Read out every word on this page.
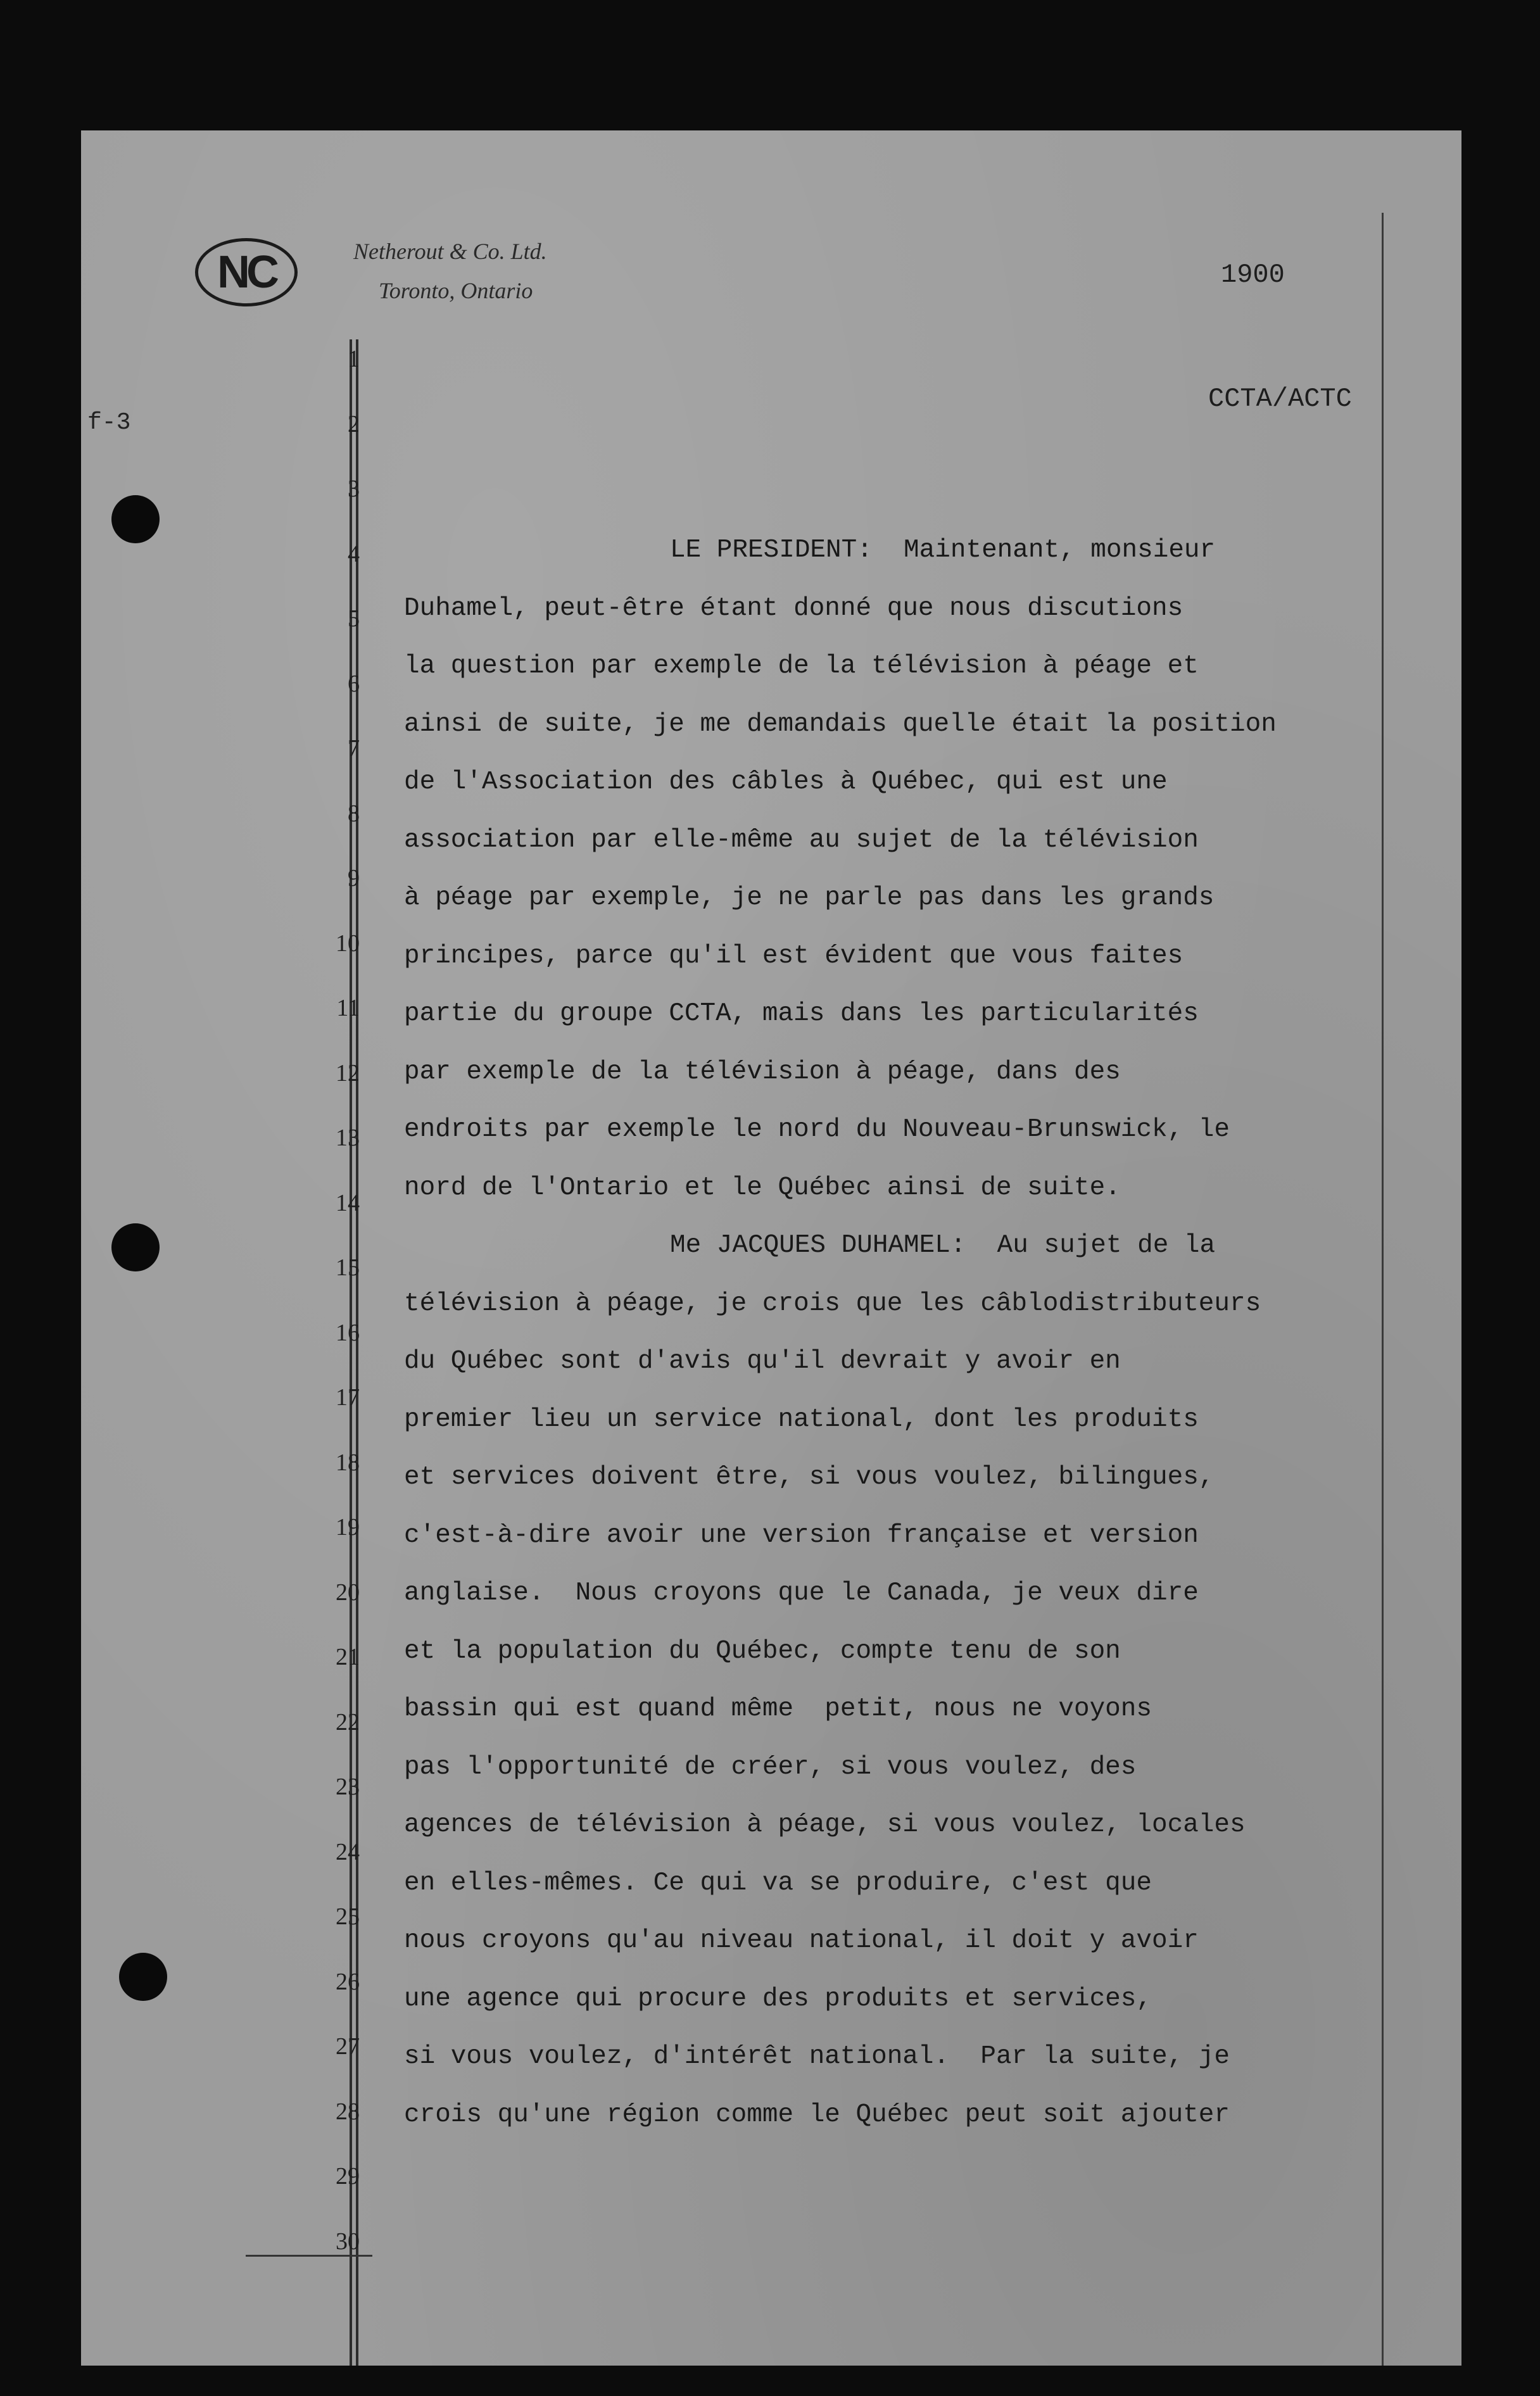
NC	Netherout & Co. Ltd.
Toronto, Ontario
1900
CCTA/ACTC
f-3
1
2
3
4
5
6
7
8
9
10
11
12
13
14
15
16
17
18
19
20
21
22
23
24
25
26
27
28
29
30
LE PRESIDENT:  Maintenant, monsieur
Duhamel, peut-être étant donné que nous discutions
la question par exemple de la télévision à péage et
ainsi de suite, je me demandais quelle était la position
de l'Association des câbles à Québec, qui est une
association par elle-même au sujet de la télévision
à péage par exemple, je ne parle pas dans les grands
principes, parce qu'il est évident que vous faites
partie du groupe CCTA, mais dans les particularités
par exemple de la télévision à péage, dans des
endroits par exemple le nord du Nouveau-Brunswick, le
nord de l'Ontario et le Québec ainsi de suite.
Me JACQUES DUHAMEL:  Au sujet de la
télévision à péage, je crois que les câblodistributeurs
du Québec sont d'avis qu'il devrait y avoir en
premier lieu un service national, dont les produits
et services doivent être, si vous voulez, bilingues,
c'est-à-dire avoir une version française et version
anglaise.  Nous croyons que le Canada, je veux dire
et la population du Québec, compte tenu de son
bassin qui est quand même  petit, nous ne voyons
pas l'opportunité de créer, si vous voulez, des
agences de télévision à péage, si vous voulez, locales
en elles-mêmes. Ce qui va se produire, c'est que
nous croyons qu'au niveau national, il doit y avoir
une agence qui procure des produits et services,
si vous voulez, d'intérêt national.  Par la suite, je
crois qu'une région comme le Québec peut soit ajouter
